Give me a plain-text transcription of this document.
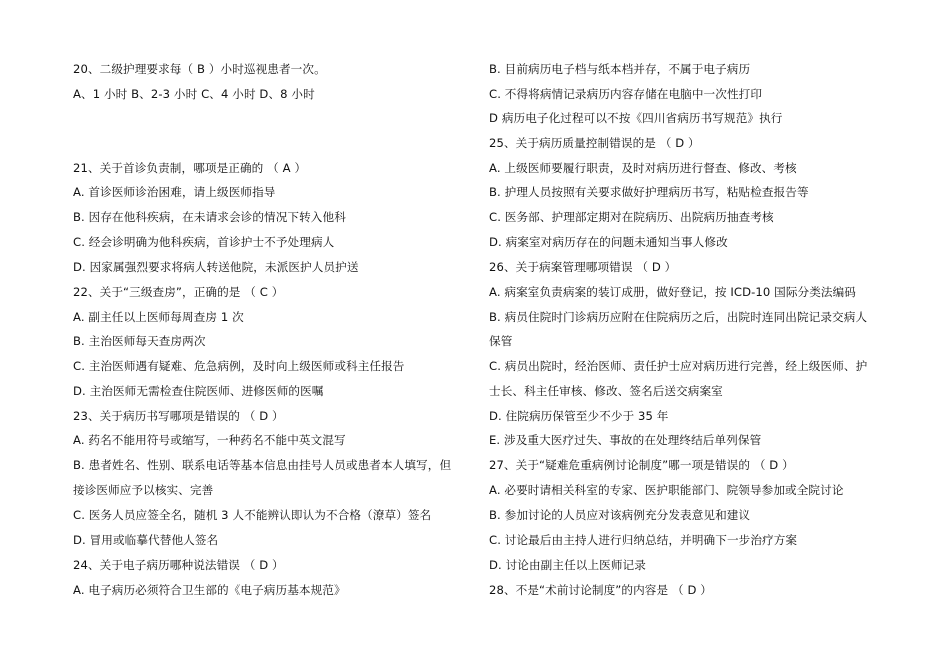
20、二级护理要求每（ B ）小时巡视患者一次。
A、1 小时 B、2-3 小时 C、4 小时 D、8 小时
21、关于首诊负责制，哪项是正确的 （ A ）
A. 首诊医师诊治困难，请上级医师指导
B. 因存在他科疾病，在未请求会诊的情况下转入他科
C. 经会诊明确为他科疾病，首诊护士不予处理病人
D. 因家属强烈要求将病人转送他院，未派医护人员护送
22、关于“三级查房”，正确的是 （ C ）
A. 副主任以上医师每周查房 1 次
B. 主治医师每天查房两次
C. 主治医师遇有疑难、危急病例，及时向上级医师或科主任报告
D. 主治医师无需检查住院医师、进修医师的医嘱
23、关于病历书写哪项是错误的 （ D ）
A. 药名不能用符号或缩写，一种药名不能中英文混写
B. 患者姓名、性别、联系电话等基本信息由挂号人员或患者本人填写，但
接诊医师应予以核实、完善
C. 医务人员应签全名，随机 3 人不能辨认即认为不合格（潦草）签名
D. 冒用或临摹代替他人签名
24、关于电子病历哪种说法错误 （ D ）
A. 电子病历必须符合卫生部的《电子病历基本规范》
B. 目前病历电子档与纸本档并存，不属于电子病历
C. 不得将病情记录病历内容存储在电脑中一次性打印
D 病历电子化过程可以不按《四川省病历书写规范》执行
25、关于病历质量控制错误的是 （ D ）
A. 上级医师要履行职责，及时对病历进行督查、修改、考核
B. 护理人员按照有关要求做好护理病历书写，粘贴检查报告等
C. 医务部、护理部定期对在院病历、出院病历抽查考核
D. 病案室对病历存在的问题未通知当事人修改
26、关于病案管理哪项错误 （ D ）
A. 病案室负责病案的装订成册，做好登记，按 ICD-10 国际分类法编码
B. 病员住院时门诊病历应附在住院病历之后，出院时连同出院记录交病人
保管
C. 病员出院时，经治医师、责任护士应对病历进行完善，经上级医师、护
士长、科主任审核、修改、签名后送交病案室
D. 住院病历保管至少不少于 35 年
E. 涉及重大医疗过失、事故的在处理终结后单列保管
27、关于“疑难危重病例讨论制度”哪一项是错误的 （ D ）
A. 必要时请相关科室的专家、医护职能部门、院领导参加或全院讨论
B. 参加讨论的人员应对该病例充分发表意见和建议
C. 讨论最后由主持人进行归纳总结，并明确下一步治疗方案
D. 讨论由副主任以上医师记录
28、不是“术前讨论制度”的内容是 （ D ）
